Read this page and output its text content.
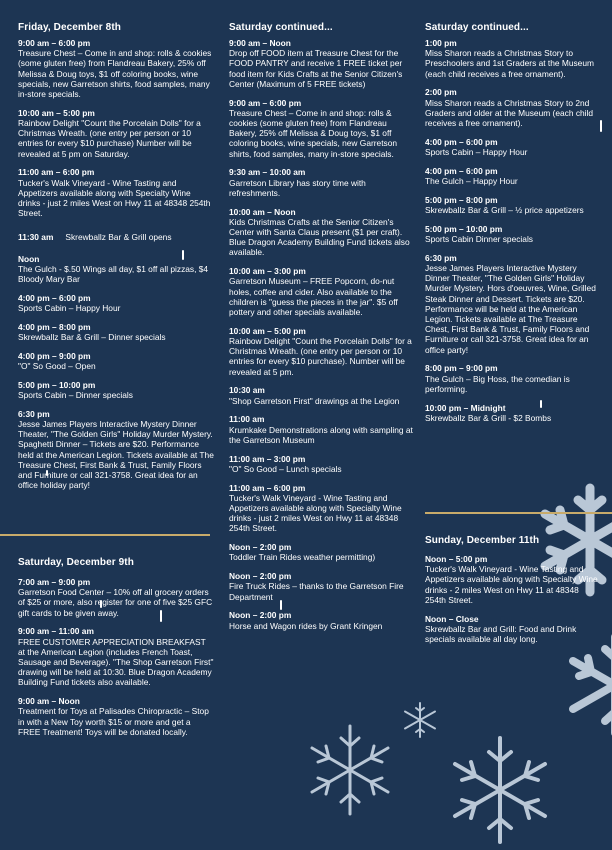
Friday, December 8th
9:00 am – 6:00 pm
Treasure Chest – Come in and shop: rolls & cookies (some gluten free) from Flandreau Bakery, 25% off Melissa & Doug toys, $1 off coloring books, wine specials, new Garretson shirts, food samples, many in-store specials.
10:00 am – 5:00 pm
Rainbow Delight "Count the Porcelain Dolls" for a Christmas Wreath. (one entry per person or 10 entries for every $10 purchase) Number will be revealed at 5 pm on Saturday.
11:00 am – 6:00 pm
Tucker's Walk Vineyard - Wine Tasting and Appetizers available along with Specialty Wine drinks - just 2 miles West on Hwy 11 at 48348 254th Street.
11:30 am Skrewballz Bar & Grill opens
Noon
The Gulch - $.50 Wings all day, $1 off all pizzas, $4 Bloody Mary Bar
4:00 pm – 6:00 pm
Sports Cabin – Happy Hour
4:00 pm – 8:00 pm
Skrewballz Bar & Grill – Dinner specials
4:00 pm – 9:00 pm
"O" So Good – Open
5:00 pm – 10:00 pm
Sports Cabin – Dinner specials
6:30 pm
Jesse James Players Interactive Mystery Dinner Theater, "The Golden Girls" Holiday Murder Mystery. Spaghetti Dinner – Tickets are $20. Performance held at the American Legion. Tickets available at The Treasure Chest, First Bank & Trust, Family Floors and Furniture or call 321-3758. Great idea for an office holiday party!
Saturday, December 9th
7:00 am – 9:00 pm
Garretson Food Center – 10% off all grocery orders of $25 or more, also register for one of five $25 GFC gift cards to be given away.
9:00 am – 11:00 am
FREE CUSTOMER APPRECIATION BREAKFAST at the American Legion (includes French Toast, Sausage and Beverage). "The Shop Garretson First" drawing will be held at 10:30. Blue Dragon Academy Building Fund tickets also available.
9:00 am – Noon
Treatment for Toys at Palisades Chiropractic – Stop in with a New Toy worth $15 or more and get a FREE Treatment! Toys will be donated locally.
Saturday continued...
9:00 am – Noon
Drop off FOOD item at Treasure Chest for the FOOD PANTRY and receive 1 FREE ticket per food item for Kids Crafts at the Senior Citizen's Center (Maximum of 5 FREE tickets)
9:00 am – 6:00 pm
Treasure Chest – Come in and shop: rolls & cookies (some gluten free) from Flandreau Bakery, 25% off Melissa & Doug toys, $1 off coloring books, wine specials, new Garretson shirts, food samples, many in-store specials.
9:30 am – 10:00 am
Garretson Library has story time with refreshments.
10:00 am – Noon
Kids Christmas Crafts at the Senior Citizen's Center with Santa Claus present ($1 per craft). Blue Dragon Academy Building Fund tickets also available.
10:00 am – 3:00 pm
Garretson Museum – FREE Popcorn, do-nut holes, coffee and cider. Also available to the children is "guess the pieces in the jar". $5 off pottery and other specials available.
10:00 am – 5:00 pm
Rainbow Delight "Count the Porcelain Dolls" for a Christmas Wreath. (one entry per person or 10 entries for every $10 purchase). Number will be revealed at 5 pm.
10:30 am
"Shop Garretson First" drawings at the Legion
11:00 am
Krumkake Demonstrations along with sampling at the Garretson Museum
11:00 am – 3:00 pm
"O" So Good – Lunch specials
11:00 am – 6:00 pm
Tucker's Walk Vineyard - Wine Tasting and Appetizers available along with Specialty Wine drinks - just 2 miles West on Hwy 11 at 48348 254th Street.
Noon – 2:00 pm
Toddler Train Rides weather permitting)
Noon – 2:00 pm
Fire Truck Rides – thanks to the Garretson Fire Department
Noon – 2:00 pm
Horse and Wagon rides by Grant Kringen
Saturday continued...
1:00 pm
Miss Sharon reads a Christmas Story to Preschoolers and 1st Graders at the Museum (each child receives a free ornament).
2:00 pm
Miss Sharon reads a Christmas Story to 2nd Graders and older at the Museum (each child receives a free ornament).
4:00 pm – 6:00 pm
Sports Cabin – Happy Hour
4:00 pm – 6:00 pm
The Gulch – Happy Hour
5:00 pm – 8:00 pm
Skrewballz Bar & Grill – ½ price appetizers
5:00 pm – 10:00 pm
Sports Cabin Dinner specials
6:30 pm
Jesse James Players Interactive Mystery Dinner Theater, "The Golden Girls" Holiday Murder Mystery. Hors d'oeuvres, Wine, Grilled Steak Dinner and Dessert. Tickets are $20. Performance will be held at the American Legion. Tickets available at The Treasure Chest, First Bank & Trust, Family Floors and Furniture or call 321-3758. Great idea for an office party!
8:00 pm – 9:00 pm
The Gulch – Big Hoss, the comedian is performing.
10:00 pm – Midnight
Skrewballz Bar & Grill - $2 Bombs
Sunday, December 11th
Noon – 5:00 pm
Tucker's Walk Vineyard - Wine Tasting and Appetizers available along with Specialty Wine drinks - 2 miles West on Hwy 11 at 48348 254th Street.
Noon – Close
Skrewballz Bar and Grill: Food and Drink specials available all day long.
